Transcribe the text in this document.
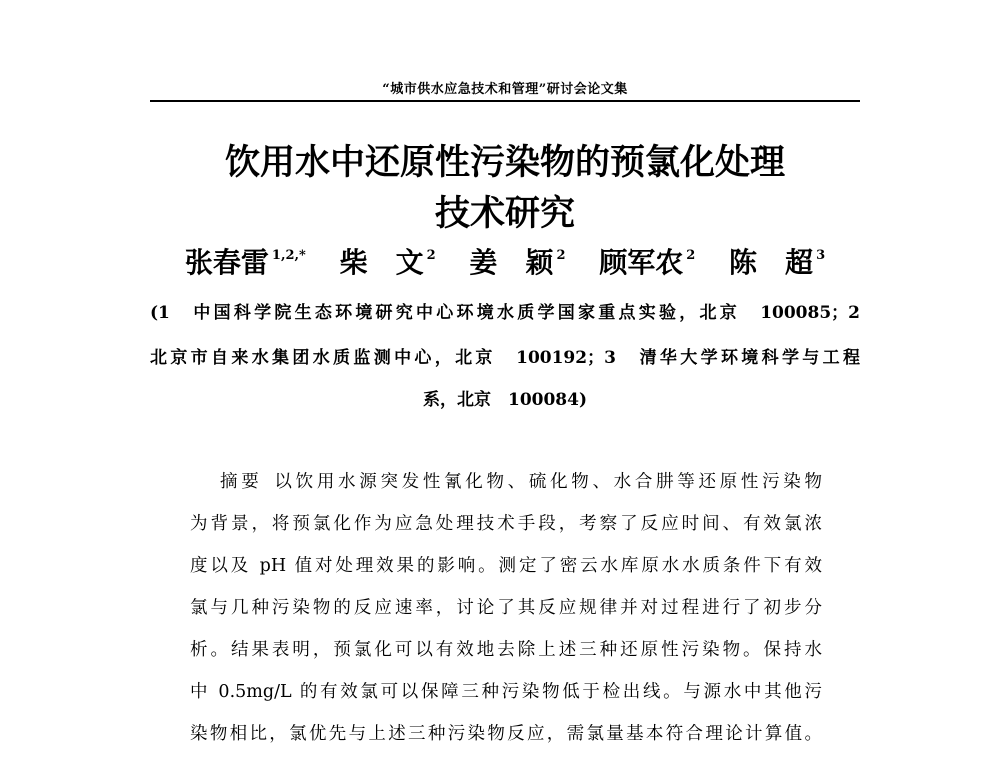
“城市供水应急技术和管理”研讨会论文集
饮用水中还原性污染物的预氯化处理
技术研究
张春雷 $^{1,2,*}$ 柴　文 $^2$ 姜　颖 $^2$ 顾军农 $^2$ 陈　超 $^3$
(1　中国科学院生态环境研究中心环境水质学国家重点实验，北京　100085；2
北京市自来水集团水质监测中心，北京　100192；3　清华大学环境科学与工程
系，北京　100084)
摘要 以饮用水源突发性氰化物、硫化物、水合肼等还原性污染物
为背景，将预氯化作为应急处理技术手段，考察了反应时间、有效氯浓
度以及 pH 值对处理效果的影响。测定了密云水库原水水质条件下有效
氯与几种污染物的反应速率，讨论了其反应规律并对过程进行了初步分
析。结果表明，预氯化可以有效地去除上述三种还原性污染物。保持水
中 0.5mg/L 的有效氯可以保障三种污染物低于检出线。与源水中其他污
染物相比，氯优先与上述三种污染物反应，需氯量基本符合理论计算值。
